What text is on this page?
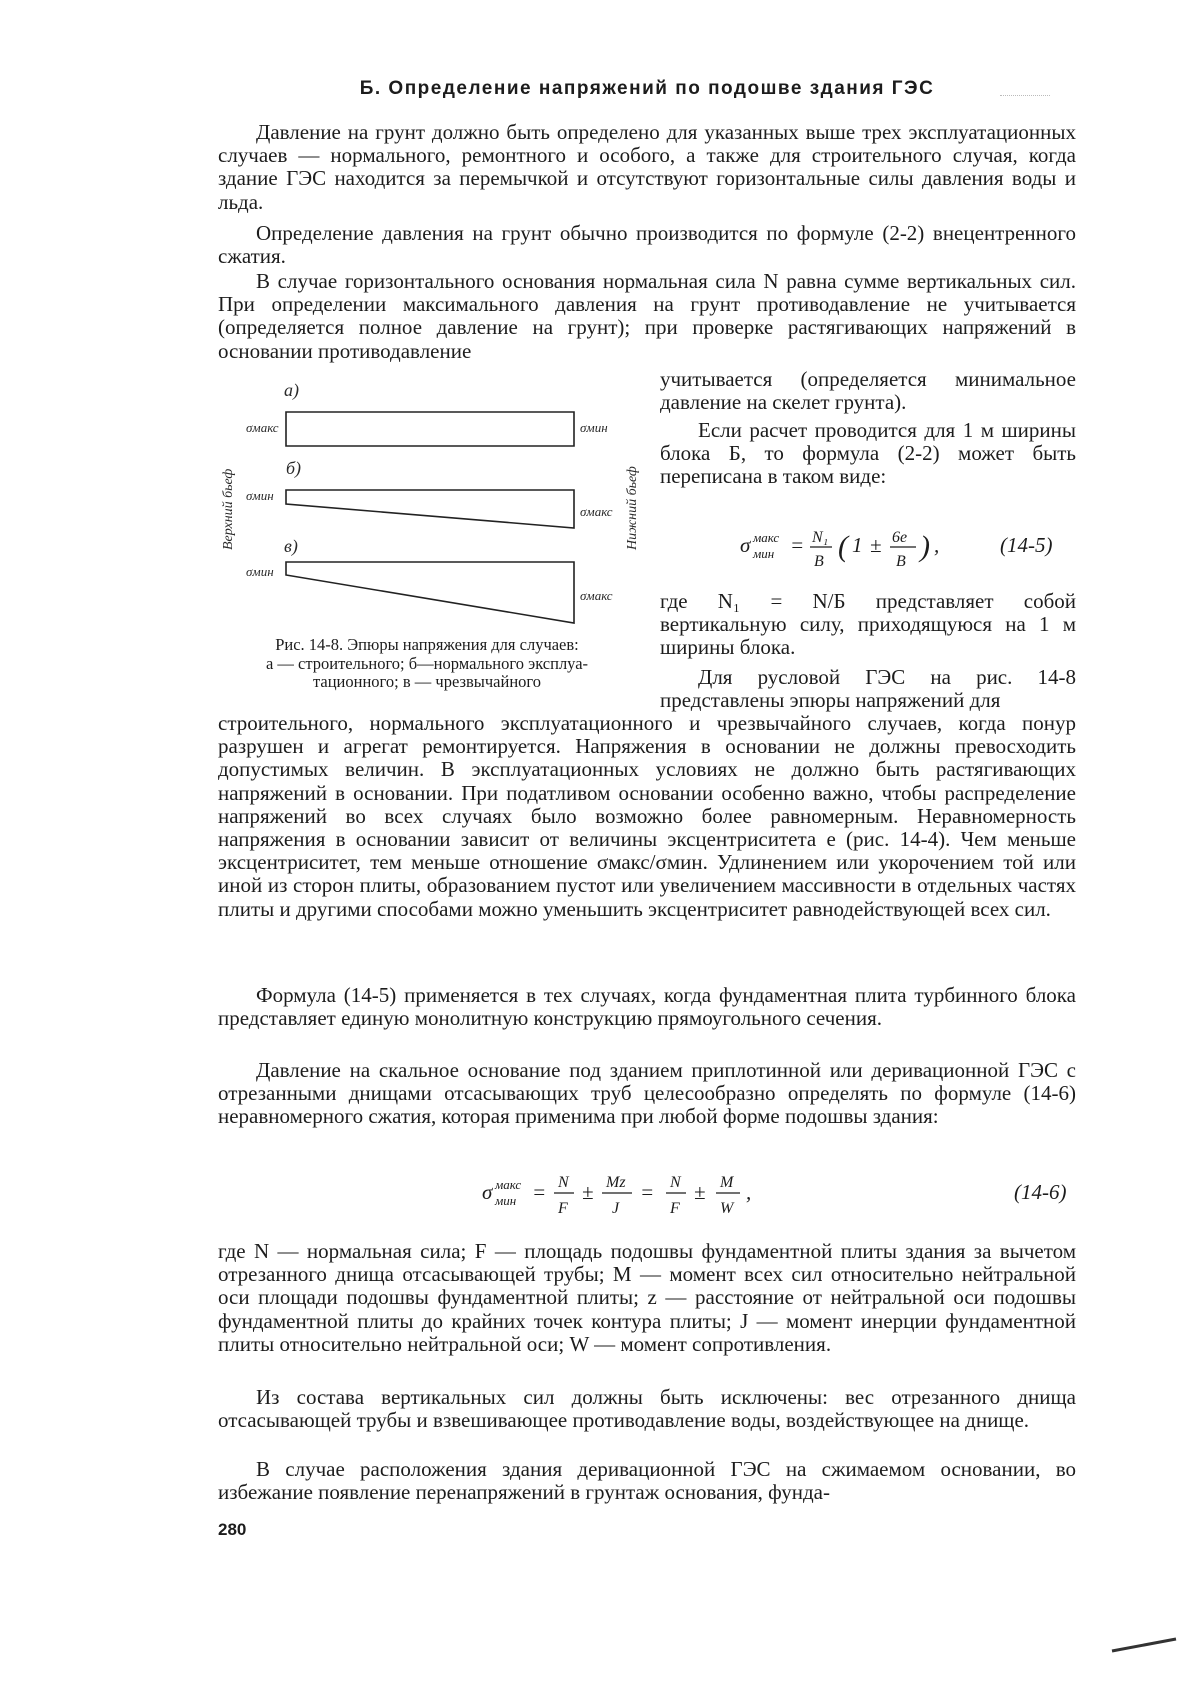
Б. Определение напряжений по подошве здания ГЭС

Давление на грунт должно быть определено для указанных выше трех эксплуатационных случаев — нормального, ремонтного и особого, а также для строительного случая, когда здание ГЭС находится за перемычкой и отсутствуют горизонтальные силы давления воды и льда.

Определение давления на грунт обычно производится по формуле (2-2) внецентренного сжатия.

В случае горизонтального основания нормальная сила N равна сумме вертикальных сил. При определении максимального давления на грунт противодавление не учитывается (определяется полное давление на грунт); при проверке растягивающих напряжений в основании противодавление

учитывается (определяется минимальное давление на скелет грунта).

Если расчет проводится для 1 м ширины блока Б, то формула (2-2) может быть переписана в таком виде:

σ макс
мин = N₁
B ( 1 ± 6e
B ) ,	(14-5)

где N₁ = N/Б представляет собой вертикальную силу, приходящуюся на 1 м ширины блока.

Для русловой ГЭС на рис. 14-8 представлены эпюры напряжений для

строительного, нормального эксплуатационного и чрезвычайного случаев, когда понур разрушен и агрегат ремонтируется. Напряжения в основании не должны превосходить допустимых величин. В эксплуатационных условиях не должно быть растягивающих напряжений в основании. При податливом основании особенно важно, чтобы распределение напряжений во всех случаях было возможно более равномерным. Неравномерность напряжения в основании зависит от величины эксцентриситета e (рис. 14-4). Чем меньше эксцентриситет, тем меньше отношение σмакс/σмин. Удлинением или укорочением той или иной из сторон плиты, образованием пустот или увеличением массивности в отдельных частях плиты и другими способами можно уменьшить эксцентриситет равнодействующей всех сил.

Формула (14-5) применяется в тех случаях, когда фундаментная плита турбинного блока представляет единую монолитную конструкцию прямоугольного сечения.

Давление на скальное основание под зданием приплотинной или деривационной ГЭС с отрезанными днищами отсасывающих труб целесообразно определять по формуле (14-6) неравномерного сжатия, которая применима при любой форме подошвы здания:

σ макс
мин = N
F
± Mz
J
= N
F
± M
W
,	(14-6)

где N — нормальная сила; F — площадь подошвы фундаментной плиты здания за вычетом отрезанного днища отсасывающей трубы; M — момент всех сил относительно нейтральной оси площади подошвы фундаментной плиты; z — расстояние от нейтральной оси подошвы фундаментной плиты до крайних точек контура плиты; J — момент инерции фундаментной плиты относительно нейтральной оси; W — момент сопротивления.

Из состава вертикальных сил должны быть исключены: вес отрезанного днища отсасывающей трубы и взвешивающее противодавление воды, воздействующее на днище.

В случае расположения здания деривационной ГЭС на сжимаемом основании, во избежание появление перенапряжений в грунтаж основания, фунда-

а)
б)
в)
σмакс	σмин
σмин
σмакс
σмин
σмакс
Верхний бьеф	Нижний бьеф
Рис. 14-8. Эпюры напряжения для случаев:
а — строительного; б—нормального эксплуа-
тационного; в — чрезвычайного
280
